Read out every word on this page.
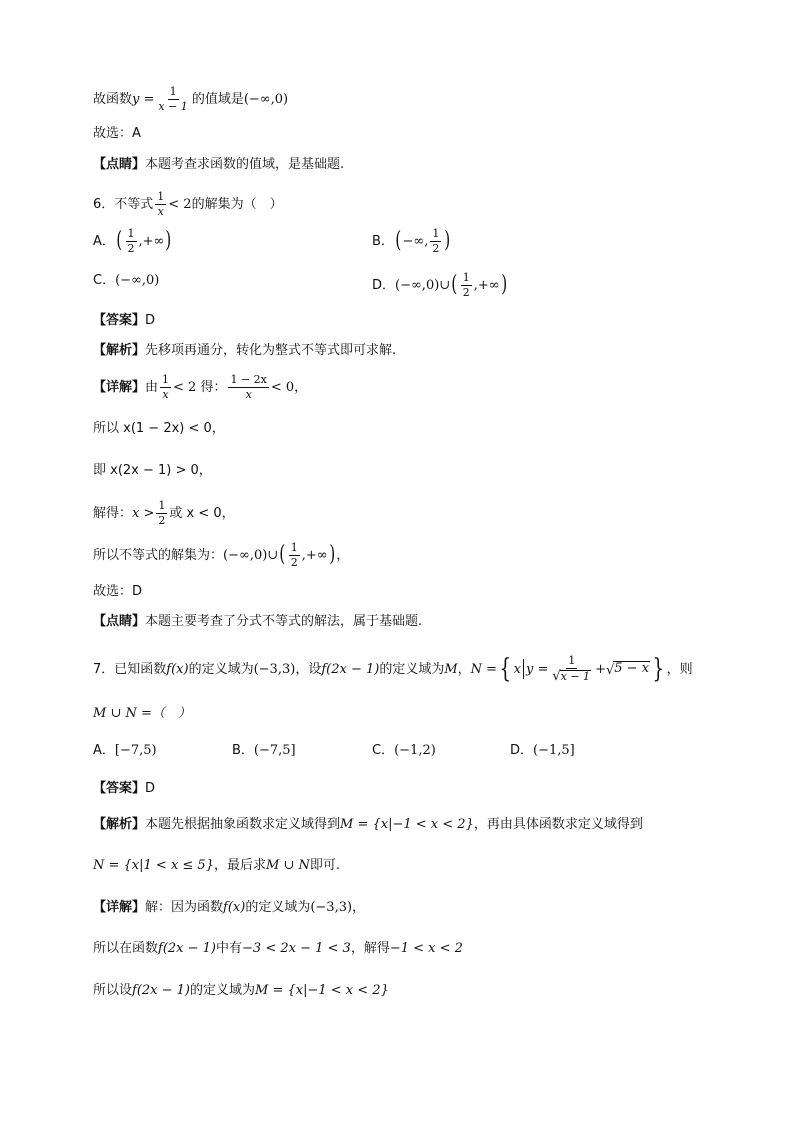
故函数 $y = \frac{1}{x - 1}$ 的值域是 (−∞,0)
故选：A
【点睛】 本题考查求函数的值域，是基础题.
6．不等式 $\frac{1}{x} < 2$ 的解集为（　）
A． ( $\frac{1}{2}$ ,+∞ )	B． ( −∞, $\frac{1}{2}$ )
C． (−∞,0)	D． (−∞,0)∪ ( $\frac{1}{2}$ ,+∞ )
【答案】 D
【解析】 先移项再通分，转化为整式不等式即可求解.
【详解】 由 $\frac{1}{x} < 2$ 得： $\frac{1 - 2x}{x} < 0$，
所以 x(1 − 2x) < 0，
即 x(2x − 1) > 0，
解得： $x > \frac{1}{2}$ 或 x < 0，
所以不等式的解集为： (−∞,0)∪ ( $\frac{1}{2}$ ,+∞ ) ，
故选：D
【点睛】 本题主要考查了分式不等式的解法，属于基础题.
7．已知函数 f(x) 的定义域为 (−3,3) ，设 f(2x − 1) 的定义域为 M ， N = { x $y = \frac{1}{√ x - 1}$ + √ 5 − x } ，则
M ∪ N =（　）
A． [−7,5)	B． (−7,5]	C． (−1,2)	D． (−1,5]
【答案】 D
【解析】 本题先根据抽象函数求定义域得到 M = {x|−1 < x < 2} ，再由具体函数求定义域得到
N = {x|1 < x ≤ 5} ，最后求 M ∪ N 即可.
【详解】 解：因为函数 f(x) 的定义域为 (−3,3) ，
所以在函数 f(2x − 1) 中有 −3 < 2x − 1 < 3 ，解得 −1 < x < 2
所以设 f(2x − 1) 的定义域为 M = {x|−1 < x < 2}
